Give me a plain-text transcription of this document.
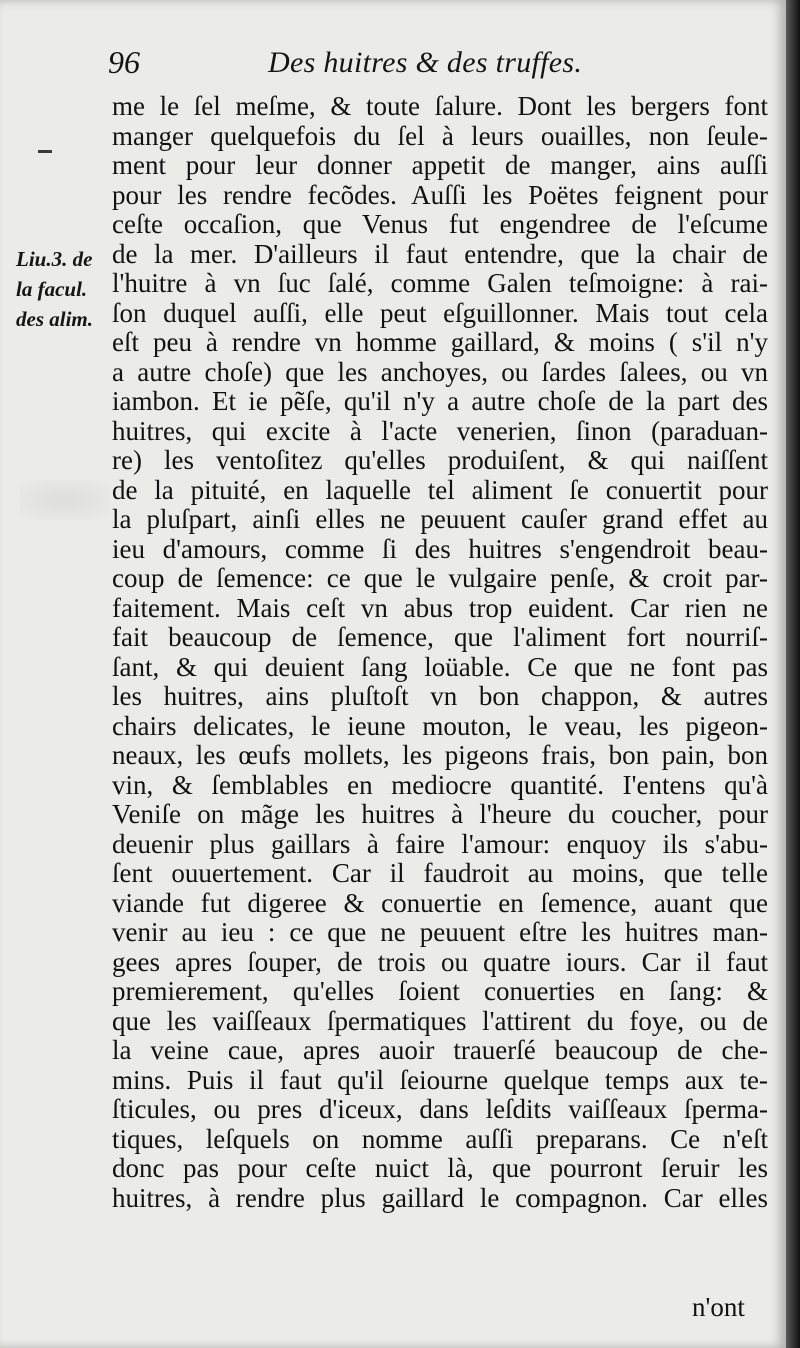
96	Des huitres & des truffes.
Liu.3. de
la facul.
des alim.
me le ſel meſme, & toute ſalure. Dont les bergers font
manger quelquefois du ſel à leurs ouailles, non ſeule-
ment pour leur donner appetit de manger, ains auſſi
pour les rendre fecõdes. Auſſi les Poëtes feignent pour
ceſte occaſion, que Venus fut engendree de l'eſcume
de la mer. D'ailleurs il faut entendre, que la chair de
l'huitre à vn ſuc ſalé, comme Galen teſmoigne: à rai-
ſon duquel auſſi, elle peut eſguillonner. Mais tout cela
eſt peu à rendre vn homme gaillard, & moins ( s'il n'y
a autre choſe) que les anchoyes, ou ſardes ſalees, ou vn
iambon. Et ie pẽſe, qu'il n'y a autre choſe de la part des
huitres, qui excite à l'acte venerien, ſinon (paraduan-
re) les ventoſitez qu'elles produiſent, & qui naiſſent
de la pituité, en laquelle tel aliment ſe conuertit pour
la pluſpart, ainſi elles ne peuuent cauſer grand effet au
ieu d'amours, comme ſi des huitres s'engendroit beau-
coup de ſemence: ce que le vulgaire penſe, & croit par-
faitement. Mais ceſt vn abus trop euident. Car rien ne
fait beaucoup de ſemence, que l'aliment fort nourriſ-
ſant, & qui deuient ſang loüable. Ce que ne font pas
les huitres, ains pluſtoſt vn bon chappon, & autres
chairs delicates, le ieune mouton, le veau, les pigeon-
neaux, les œufs mollets, les pigeons frais, bon pain, bon
vin, & ſemblables en mediocre quantité. I'entens qu'à
Veniſe on mãge les huitres à l'heure du coucher, pour
deuenir plus gaillars à faire l'amour: enquoy ils s'abu-
ſent ouuertement. Car il faudroit au moins, que telle
viande fut digeree & conuertie en ſemence, auant que
venir au ieu : ce que ne peuuent eſtre les huitres man-
gees apres ſouper, de trois ou quatre iours. Car il faut
premierement, qu'elles ſoient conuerties en ſang: &
que les vaiſſeaux ſpermatiques l'attirent du foye, ou de
la veine caue, apres auoir trauerſé beaucoup de che-
mins. Puis il faut qu'il ſeiourne quelque temps aux te-
ſticules, ou pres d'iceux, dans leſdits vaiſſeaux ſperma-
tiques, leſquels on nomme auſſi preparans. Ce n'eſt
donc pas pour ceſte nuict là, que pourront ſeruir les
huitres, à rendre plus gaillard le compagnon. Car elles
n'ont
